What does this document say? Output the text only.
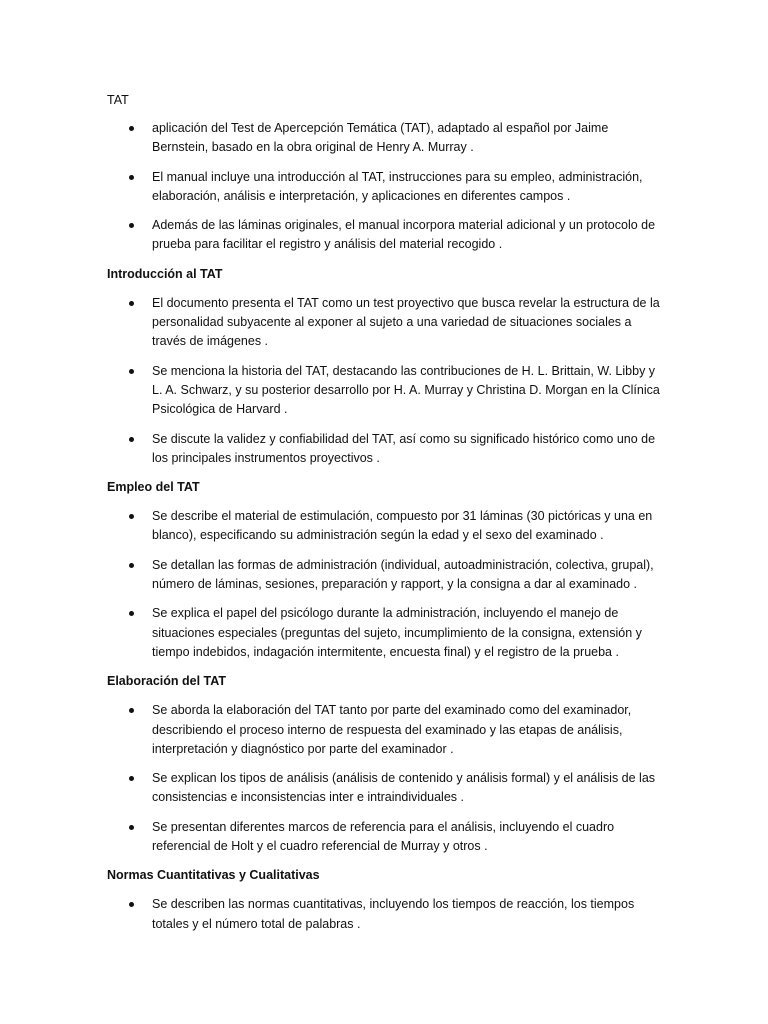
TAT
aplicación del Test de Apercepción Temática (TAT), adaptado al español por Jaime Bernstein, basado en la obra original de Henry A. Murray .
El manual incluye una introducción al TAT, instrucciones para su empleo, administración, elaboración, análisis e interpretación, y aplicaciones en diferentes campos .
Además de las láminas originales, el manual incorpora material adicional y un protocolo de prueba para facilitar el registro y análisis del material recogido .
Introducción al TAT
El documento presenta el TAT como un test proyectivo que busca revelar la estructura de la personalidad subyacente al exponer al sujeto a una variedad de situaciones sociales a través de imágenes .
Se menciona la historia del TAT, destacando las contribuciones de H. L. Brittain, W. Libby y L. A. Schwarz, y su posterior desarrollo por H. A. Murray y Christina D. Morgan en la Clínica Psicológica de Harvard .
Se discute la validez y confiabilidad del TAT, así como su significado histórico como uno de los principales instrumentos proyectivos .
Empleo del TAT
Se describe el material de estimulación, compuesto por 31 láminas (30 pictóricas y una en blanco), especificando su administración según la edad y el sexo del examinado .
Se detallan las formas de administración (individual, autoadministración, colectiva, grupal), número de láminas, sesiones, preparación y rapport, y la consigna a dar al examinado .
Se explica el papel del psicólogo durante la administración, incluyendo el manejo de situaciones especiales (preguntas del sujeto, incumplimiento de la consigna, extensión y tiempo indebidos, indagación intermitente, encuesta final) y el registro de la prueba .
Elaboración del TAT
Se aborda la elaboración del TAT tanto por parte del examinado como del examinador, describiendo el proceso interno de respuesta del examinado y las etapas de análisis, interpretación y diagnóstico por parte del examinador .
Se explican los tipos de análisis (análisis de contenido y análisis formal) y el análisis de las consistencias e inconsistencias inter e intraindividuales .
Se presentan diferentes marcos de referencia para el análisis, incluyendo el cuadro referencial de Holt y el cuadro referencial de Murray y otros .
Normas Cuantitativas y Cualitativas
Se describen las normas cuantitativas, incluyendo los tiempos de reacción, los tiempos totales y el número total de palabras .
